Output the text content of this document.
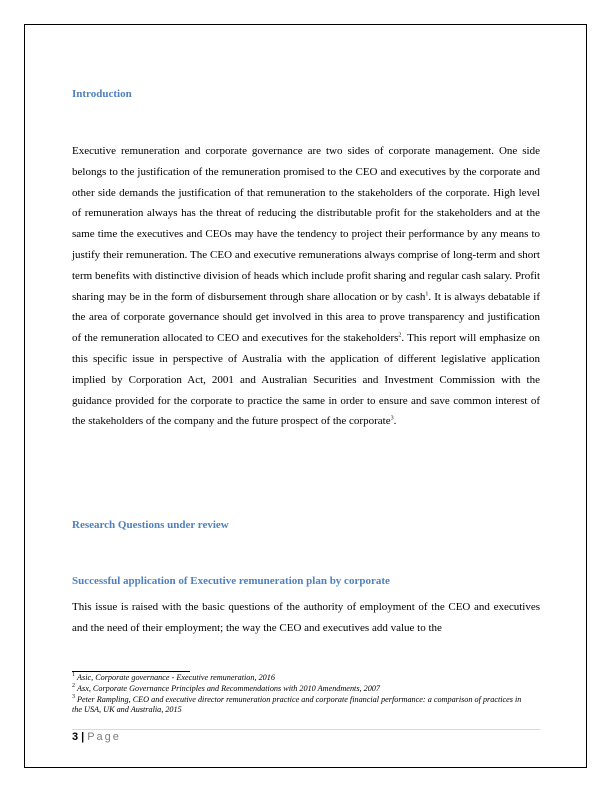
Introduction

Executive remuneration and corporate governance are two sides of corporate management. One side belongs to the justification of the remuneration promised to the CEO and executives by the corporate and other side demands the justification of that remuneration to the stakeholders of the corporate. High level of remuneration always has the threat of reducing the distributable profit for the stakeholders and at the same time the executives and CEOs may have the tendency to project their performance by any means to justify their remuneration. The CEO and executive remunerations always comprise of long-term and short term benefits with distinctive division of heads which include profit sharing and regular cash salary. Profit sharing may be in the form of disbursement through share allocation or by cash$^1$. It is always debatable if the area of corporate governance should get involved in this area to prove transparency and justification of the remuneration allocated to CEO and executives for the stakeholders$^2$. This report will emphasize on this specific issue in perspective of Australia with the application of different legislative application implied by Corporation Act, 2001 and Australian Securities and Investment Commission with the guidance provided for the corporate to practice the same in order to ensure and save common interest of the stakeholders of the company and the future prospect of the corporate$^3$.

Research Questions under review
Successful application of Executive remuneration plan by corporate

This issue is raised with the basic questions of the authority of employment of the CEO and executives and the need of their employment; the way the CEO and executives add value to the

$^1$ Asic, Corporate governance - Executive remuneration, 2016

$^2$ Asx, Corporate Governance Principles and Recommendations with 2010 Amendments, 2007

$^3$ Peter Rampling, CEO and executive director remuneration practice and corporate financial performance: a comparison of practices in the USA, UK and Australia, 2015

3 | Page
